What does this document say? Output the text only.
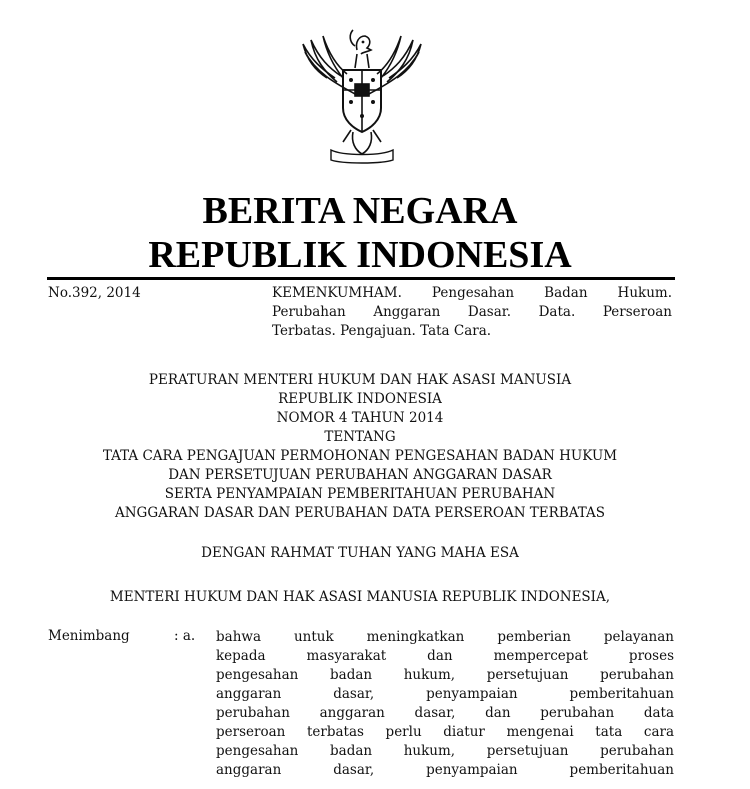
BERITA NEGARA
REPUBLIK INDONESIA
No.392, 2014	KEMENKUMHAM. Pengesahan Badan Hukum.
Perubahan Anggaran Dasar. Data. Perseroan
Terbatas. Pengajuan. Tata Cara.
PERATURAN MENTERI HUKUM DAN HAK ASASI MANUSIA
REPUBLIK INDONESIA
NOMOR 4 TAHUN 2014
TENTANG
TATA CARA PENGAJUAN PERMOHONAN PENGESAHAN BADAN HUKUM
DAN PERSETUJUAN PERUBAHAN ANGGARAN DASAR
SERTA PENYAMPAIAN PEMBERITAHUAN PERUBAHAN
ANGGARAN DASAR DAN PERUBAHAN DATA PERSEROAN TERBATAS
DENGAN RAHMAT TUHAN YANG MAHA ESA
MENTERI HUKUM DAN HAK ASASI MANUSIA REPUBLIK INDONESIA,
Menimbang	: a. bahwa untuk meningkatkan pemberian pelayanan
kepada masyarakat dan mempercepat proses
pengesahan badan hukum, persetujuan perubahan
anggaran dasar, penyampaian pemberitahuan
perubahan anggaran dasar, dan perubahan data
perseroan terbatas perlu diatur mengenai tata cara
pengesahan badan hukum, persetujuan perubahan
anggaran dasar, penyampaian pemberitahuan
